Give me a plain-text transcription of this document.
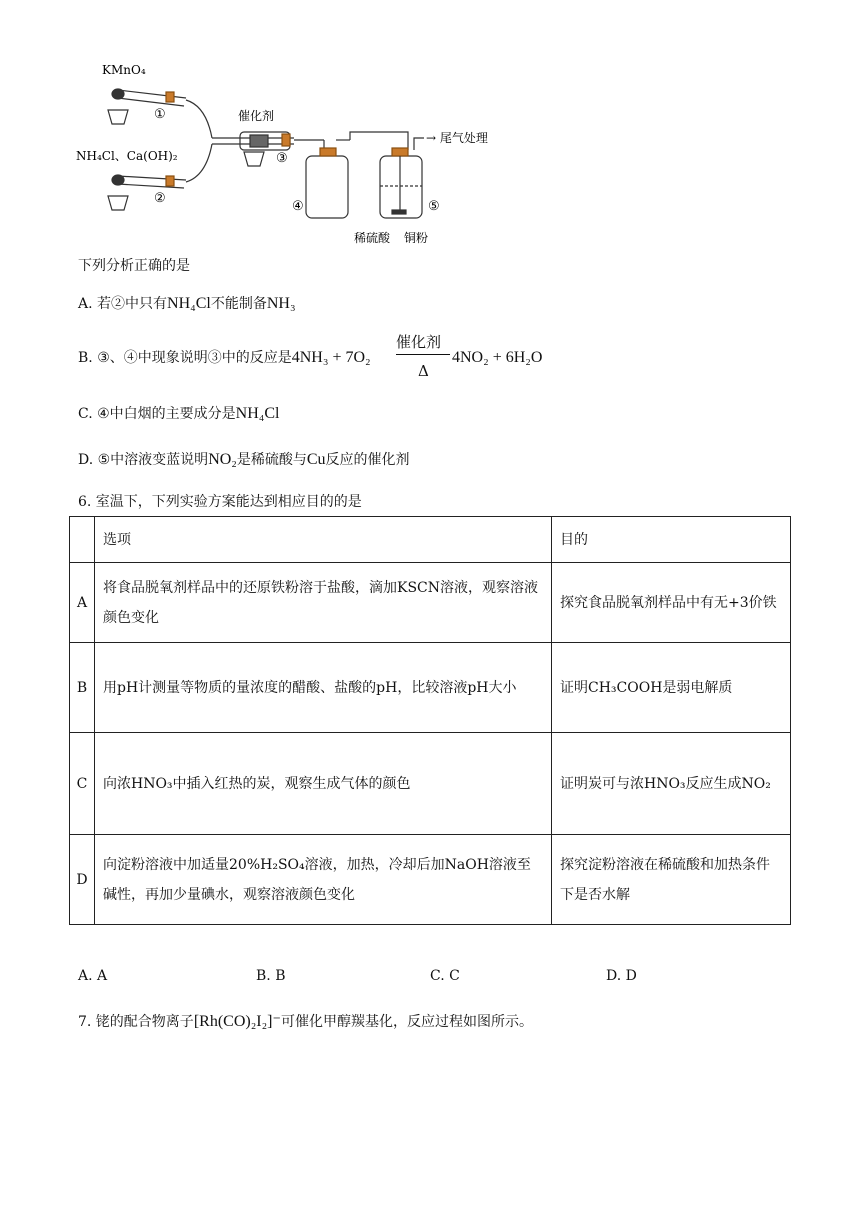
KMnO₄
NH₄Cl、Ca(OH)₂
①
②
催化剂
③
④	⑤
→ 尾气处理
稀硫酸 铜粉
下列分析正确的是
A. 若②中只有NH₄Cl不能制备NH₃
B. ③、④中现象说明③中的反应是4NH₃ + 7O₂
催化剂
Δ
4NO₂ + 6H₂O
C. ④中白烟的主要成分是NH₄Cl
D. ⑤中溶液变蓝说明NO₂是稀硫酸与Cu反应的催化剂
6. 室温下，下列实验方案能达到相应目的的是
	选项	目的
A	将食品脱氧剂样品中的还原铁粉溶于盐酸，滴加KSCN溶液，观察溶液颜色变化	探究食品脱氧剂样品中有无+3价铁
B	用pH计测量等物质的量浓度的醋酸、盐酸的pH，比较溶液pH大小	证明CH₃COOH是弱电解质
C	向浓HNO₃中插入红热的炭，观察生成气体的颜色	证明炭可与浓HNO₃反应生成NO₂
D	向淀粉溶液中加适量20%H₂SO₄溶液，加热，冷却后加NaOH溶液至碱性，再加少量碘水，观察溶液颜色变化	探究淀粉溶液在稀硫酸和加热条件下是否水解
A. A	B. B	C. C	D. D
7. 铑的配合物离子[Rh(CO)₂I₂]⁻可催化甲醇羰基化，反应过程如图所示。
